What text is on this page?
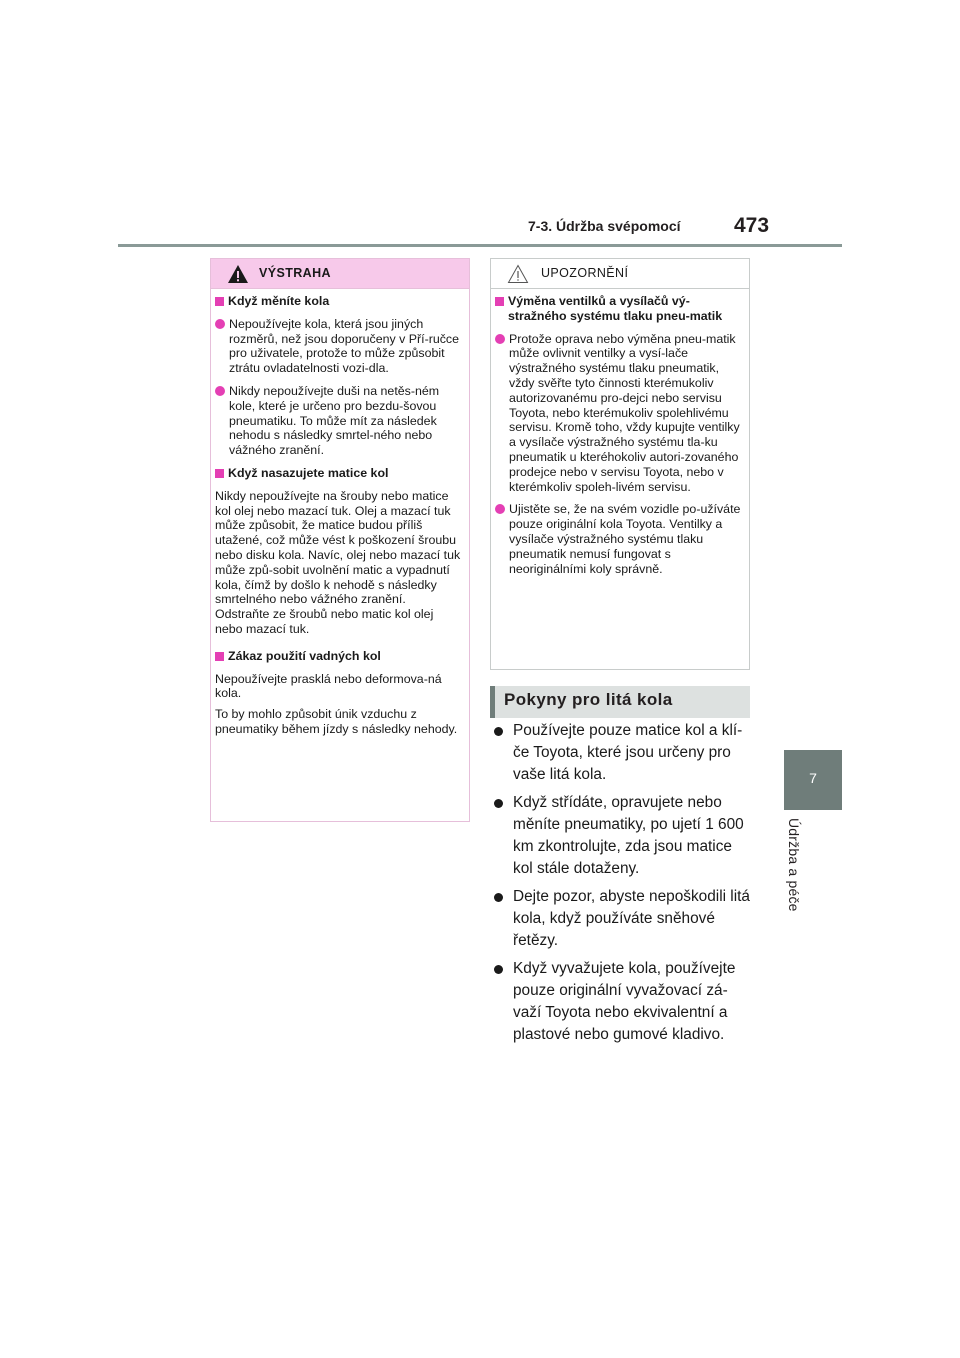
7-3. Údržba svépomocí	473
7
Údržba a péče
VÝSTRAHA
Když měníte kola
Nepoužívejte kola, která jsou jiných rozměrů, než jsou doporučeny v Pří-ručce pro uživatele, protože to může způsobit ztrátu ovladatelnosti vozi-dla.
Nikdy nepoužívejte duši na netěs-ném kole, které je určeno pro bezdu-šovou pneumatiku. To může mít za následek nehodu s následky smrtel-ného nebo vážného zranění.
Když nasazujete matice kol
Nikdy nepoužívejte na šrouby nebo matice kol olej nebo mazací tuk. Olej a mazací tuk může způsobit, že matice budou příliš utažené, což může vést k poškození šroubu nebo disku kola. Navíc, olej nebo mazací tuk může způ-sobit uvolnění matic a vypadnutí kola, čímž by došlo k nehodě s následky smrtelného nebo vážného zranění. Odstraňte ze šroubů nebo matic kol olej nebo mazací tuk.
Zákaz použití vadných kol
Nepoužívejte prasklá nebo deformova-ná kola.
To by mohlo způsobit únik vzduchu z pneumatiky během jízdy s následky nehody.
UPOZORNĚNÍ
Výměna ventilků a vysílačů vý-stražného systému tlaku pneu-matik
Protože oprava nebo výměna pneu-matik může ovlivnit ventilky a vysí-lače výstražného systému tlaku pneumatik, vždy svěřte tyto činnosti kterémukoliv autorizovanému pro-dejci nebo servisu Toyota, nebo kterémukoliv spolehlivému servisu. Kromě toho, vždy kupujte ventilky a vysílače výstražného systému tla-ku pneumatik u kteréhokoliv autori-zovaného prodejce nebo v servisu Toyota, nebo v kterémkoliv spoleh-livém servisu.
Ujistěte se, že na svém vozidle po-užíváte pouze originální kola Toyota. Ventilky a vysílače výstražného systému tlaku pneumatik nemusí fungovat s neoriginálními koly správně.
Pokyny pro litá kola
Používejte pouze matice kol a klí-če Toyota, které jsou určeny pro vaše litá kola.
Když střídáte, opravujete nebo měníte pneumatiky, po ujetí 1 600 km zkontrolujte, zda jsou matice kol stále dotaženy.
Dejte pozor, abyste nepoškodili litá kola, když používáte sněhové řetězy.
Když vyvažujete kola, používejte pouze originální vyvažovací zá-važí Toyota nebo ekvivalentní a plastové nebo gumové kladivo.
